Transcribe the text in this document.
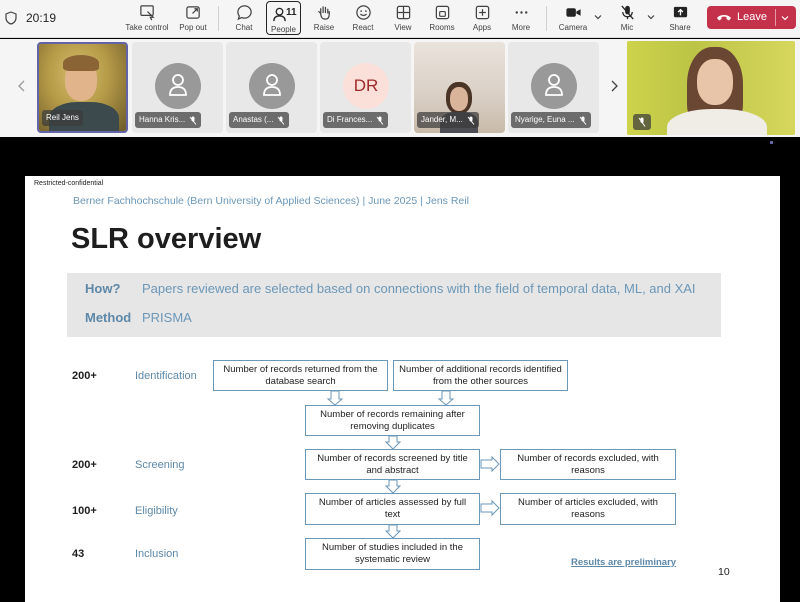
20:19
Take control	Pop out	Chat
11
People	Raise	React	View	Rooms	Apps	More	Camera	Mic	Share
Leave
Reil Jens	Hanna Kris...	Anastas (...
DR
Di Frances...	Jander, M...	Nyarige, Euna ...
Restricted-confidential
Berner Fachhochschule (Bern University of Applied Sciences) | June 2025 | Jens Reil
SLR overview
How? Papers reviewed are selected based on connections with the field of temporal data, ML, and XAI
Method PRISMA
200+	Identification
200+	Screening
100+	Eligibility
43	Inclusion
Number of records returned from the database search
Number of additional records identified from the other sources
Number of records remaining after removing duplicates
Number of records screened by title and abstract
Number of records excluded, with reasons
Number of articles assessed by full text
Number of articles excluded, with reasons
Number of studies included in the systematic review	Results are preliminary
10
